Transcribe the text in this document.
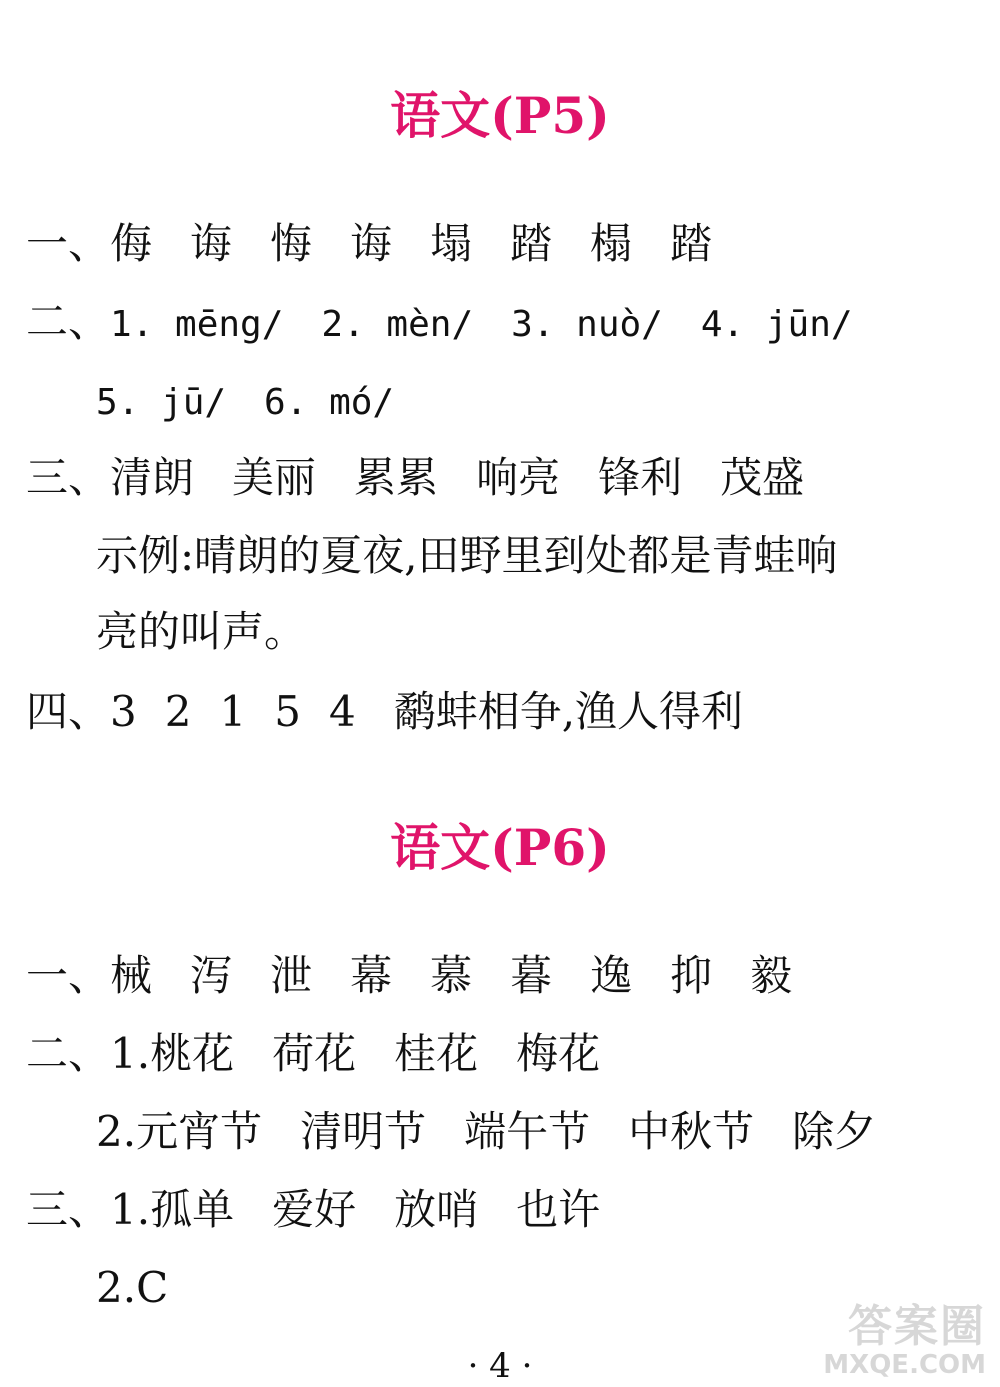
语文(P5)
一、侮 诲 悔 诲 塌 踏 榻 踏
二、1. mēng/ 2. mèn/ 3. nuò/ 4. jūn/
5. jū/ 6. mó/
三、清朗 美丽 累累 响亮 锋利 茂盛
示例:晴朗的夏夜,田野里到处都是青蛙响
亮的叫声。
四、3 2 1 5 4 鹬蚌相争,渔人得利
语文(P6)
一、械 泻 泄 幕 慕 暮 逸 抑 毅
二、1.桃花 荷花 桂花 梅花
2.元宵节 清明节 端午节 中秋节 除夕
三、1.孤单 爱好 放哨 也许
2.C
· 4 ·
答案圈
MXQE.COM
